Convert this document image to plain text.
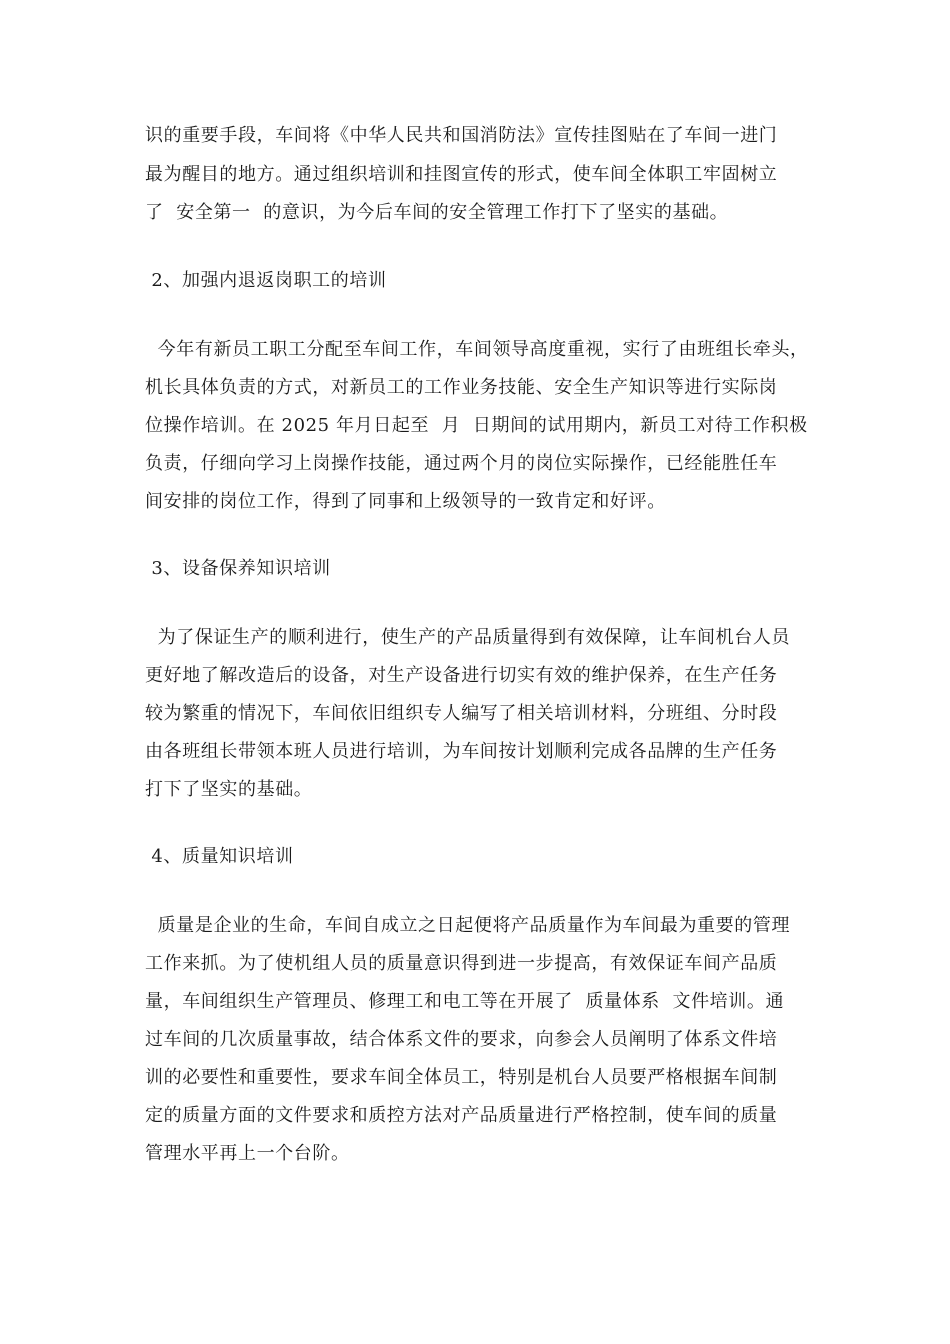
识的重要手段，车间将《中华人民共和国消防法》宣传挂图贴在了车间一进门
最为醒目的地方。通过组织培训和挂图宣传的形式，使车间全体职工牢固树立
了  安全第一  的意识，为今后车间的安全管理工作打下了坚实的基础。
2、加强内退返岗职工的培训
今年有新员工职工分配至车间工作，车间领导高度重视，实行了由班组长牵头，
机长具体负责的方式，对新员工的工作业务技能、安全生产知识等进行实际岗
位操作培训。在 2025 年月日起至  月  日期间的试用期内，新员工对待工作积极
负责，仔细向学习上岗操作技能，通过两个月的岗位实际操作，已经能胜任车
间安排的岗位工作，得到了同事和上级领导的一致肯定和好评。
3、设备保养知识培训
为了保证生产的顺利进行，使生产的产品质量得到有效保障，让车间机台人员
更好地了解改造后的设备，对生产设备进行切实有效的维护保养，在生产任务
较为繁重的情况下，车间依旧组织专人编写了相关培训材料，分班组、分时段
由各班组长带领本班人员进行培训，为车间按计划顺利完成各品牌的生产任务
打下了坚实的基础。
4、质量知识培训
质量是企业的生命，车间自成立之日起便将产品质量作为车间最为重要的管理
工作来抓。为了使机组人员的质量意识得到进一步提高，有效保证车间产品质
量，车间组织生产管理员、修理工和电工等在开展了  质量体系  文件培训。通
过车间的几次质量事故，结合体系文件的要求，向参会人员阐明了体系文件培
训的必要性和重要性，要求车间全体员工，特别是机台人员要严格根据车间制
定的质量方面的文件要求和质控方法对产品质量进行严格控制，使车间的质量
管理水平再上一个台阶。
